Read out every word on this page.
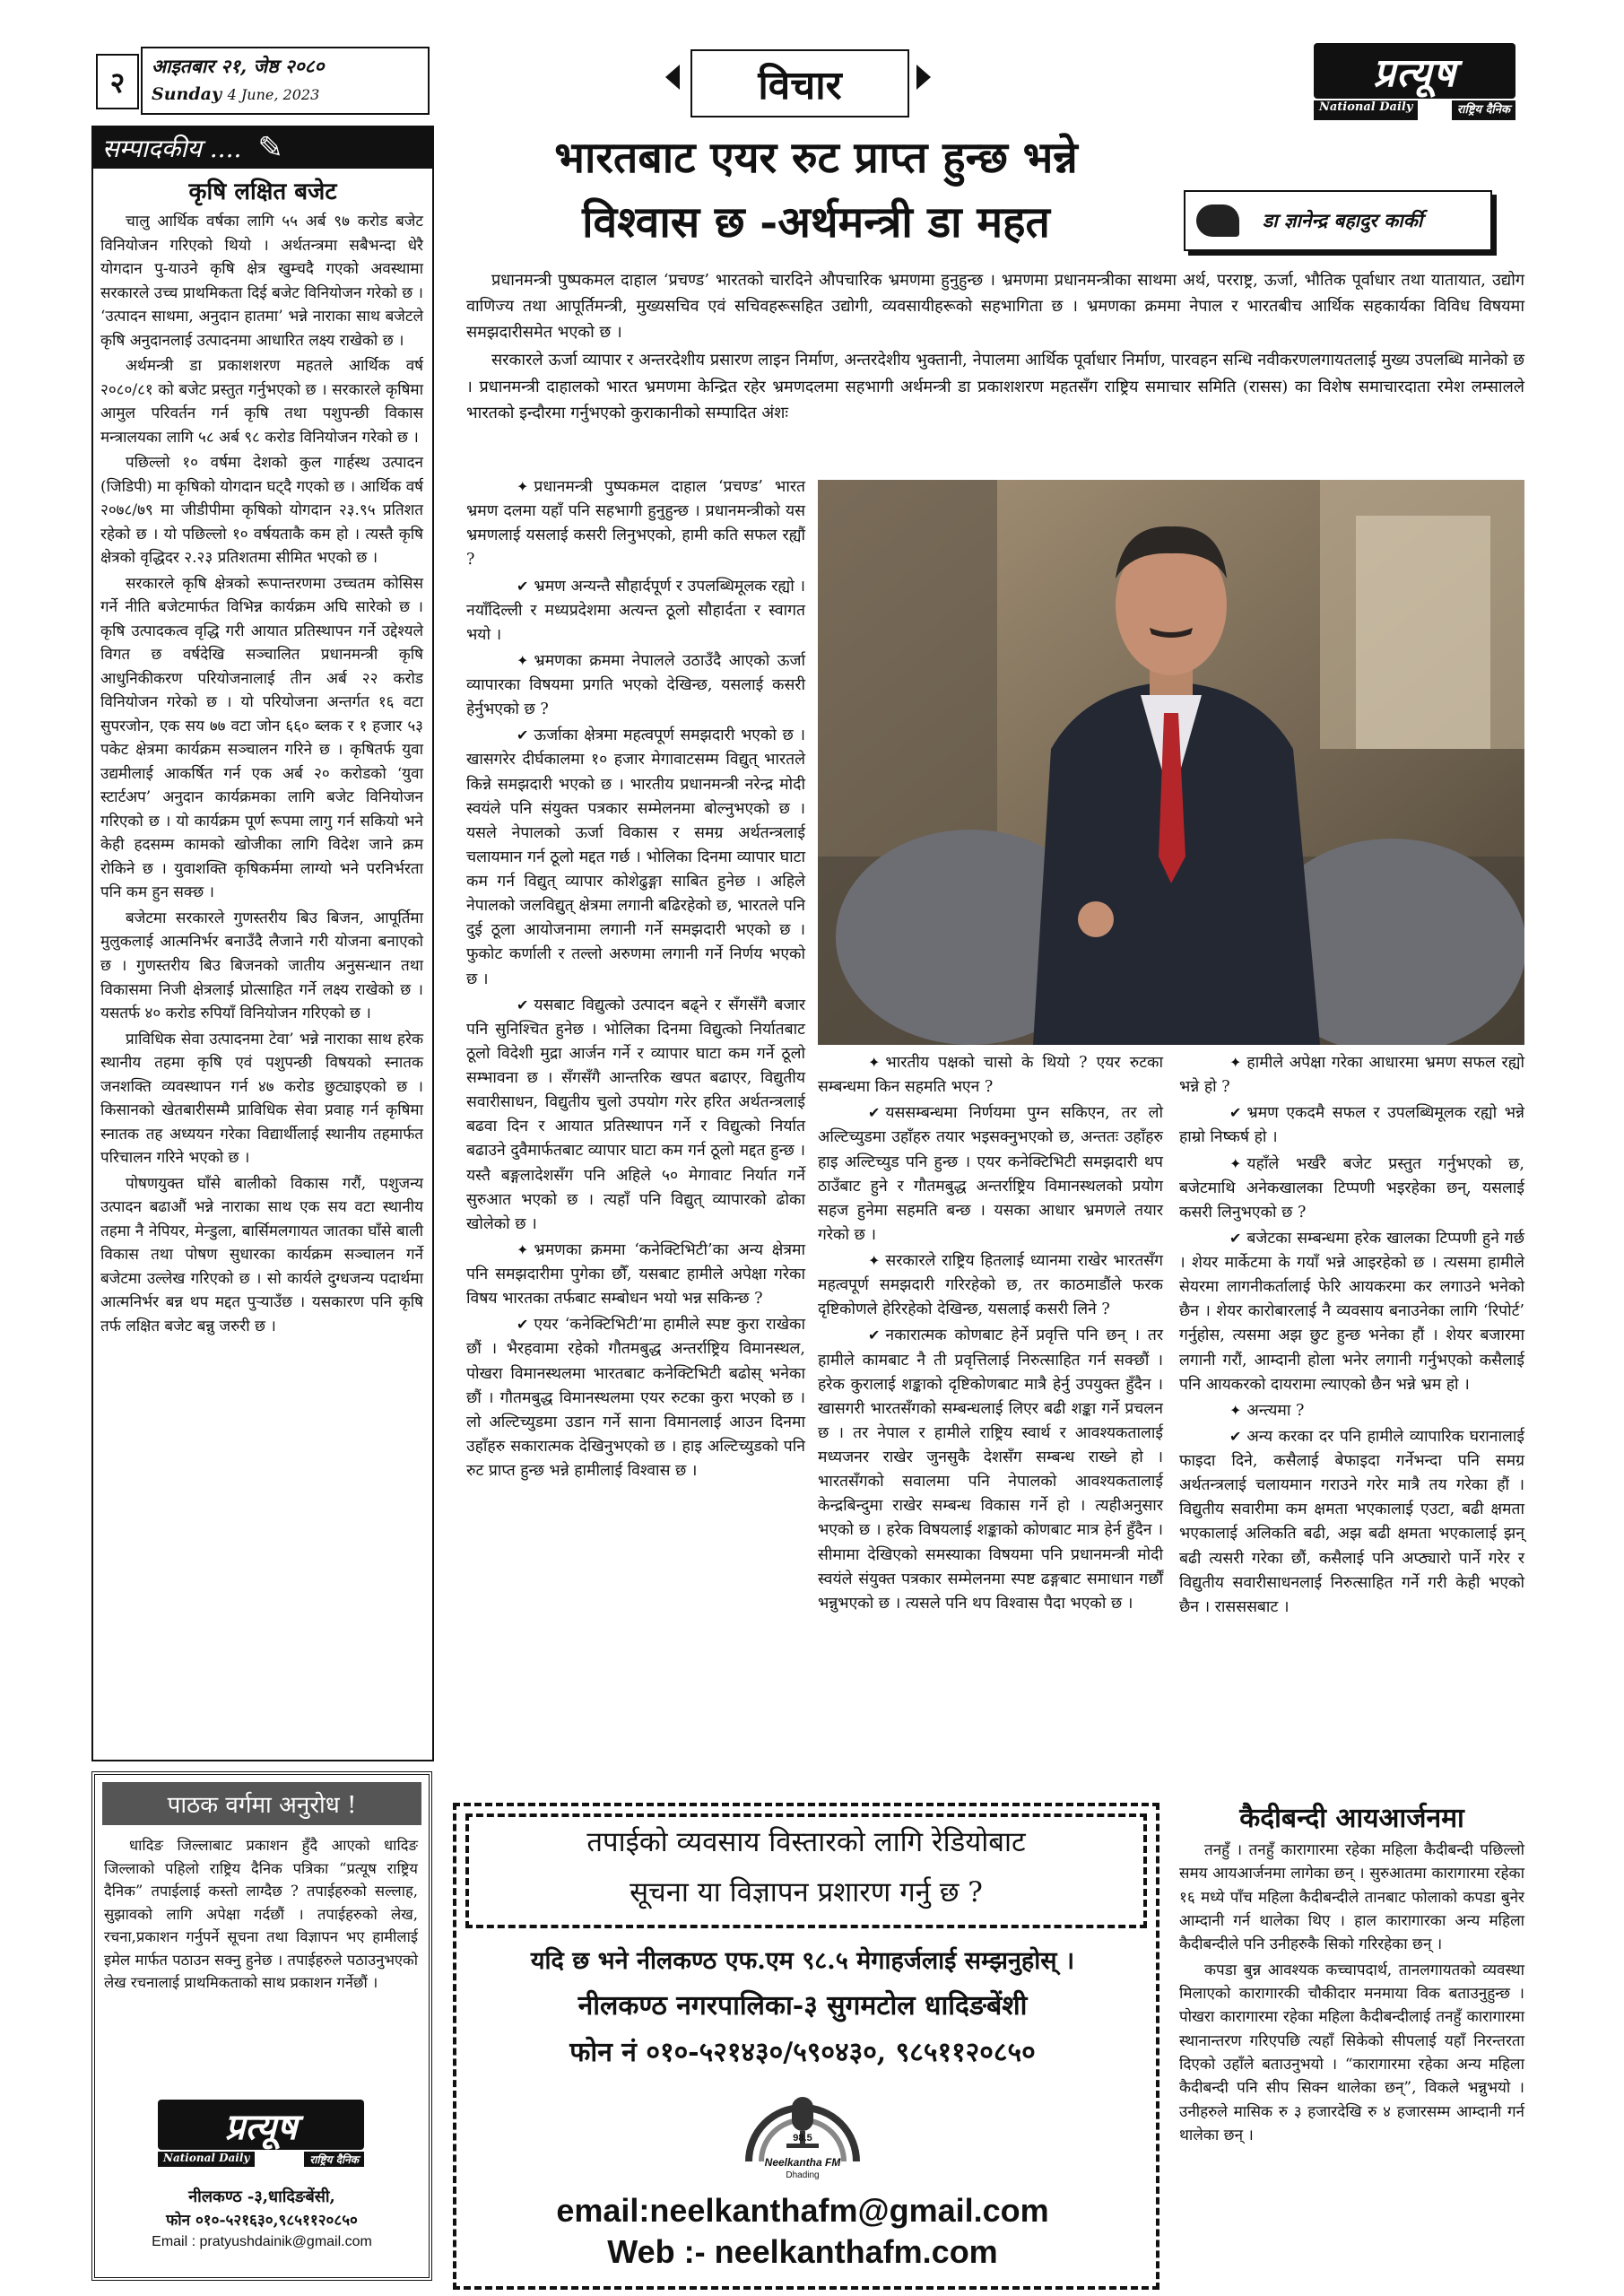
२ आइतबार २१, जेष्ठ २०८०
Sunday 4 June, 2023	विचार	प्रत्यूष
National Daily	राष्ट्रिय दैनिक
सम्पादकीय .... ✎
कृषि लक्षित बजेट

चालु आर्थिक वर्षका लागि ५५ अर्ब ९७ करोड बजेट विनियोजन गरिएको थियो । अर्थतन्त्रमा सबैभन्दा धेरै योगदान पु-याउने कृषि क्षेत्र खुम्चदै गएको अवस्थामा सरकारले उच्च प्राथमिकता दिई बजेट विनियोजन गरेको छ । ‘उत्पादन साथमा, अनुदान हातमा’ भन्ने नाराका साथ बजेटले कृषि अनुदानलाई उत्पादनमा आधारित लक्ष्य राखेको छ ।

अर्थमन्त्री डा प्रकाशशरण महतले आर्थिक वर्ष २०८०/८१ को बजेट प्रस्तुत गर्नुभएको छ । सरकारले कृषिमा आमुल परिवर्तन गर्न कृषि तथा पशुपन्छी विकास मन्त्रालयका लागि ५८ अर्ब ९८ करोड विनियोजन गरेको छ ।

पछिल्लो १० वर्षमा देशको कुल गार्हस्थ उत्पादन (जिडिपी) मा कृषिको योगदान घट्दै गएको छ । आर्थिक वर्ष २०७८/७९ मा जीडीपीमा कृषिको योगदान २३.९५ प्रतिशत रहेको छ । यो पछिल्लो १० वर्षयताकै कम हो । त्यस्तै कृषि क्षेत्रको वृद्धिदर २.२३ प्रतिशतमा सीमित भएको छ ।

सरकारले कृषि क्षेत्रको रूपान्तरणमा उच्चतम कोसिस गर्ने नीति बजेटमार्फत विभिन्न कार्यक्रम अघि सारेको छ । कृषि उत्पादकत्व वृद्धि गरी आयात प्रतिस्थापन गर्ने उद्देश्यले विगत छ वर्षदेखि सञ्चालित प्रधानमन्त्री कृषि आधुनिकीकरण परियोजनालाई तीन अर्ब २२ करोड विनियोजन गरेको छ । यो परियोजना अन्तर्गत १६ वटा सुपरजोन, एक सय ७७ वटा जोन ६६० ब्लक र १ हजार ५३ पकेट क्षेत्रमा कार्यक्रम सञ्चालन गरिने छ । कृषितर्फ युवा उद्यमीलाई आकर्षित गर्न एक अर्ब २० करोडको ‘युवा स्टार्टअप’ अनुदान कार्यक्रमका लागि बजेट विनियोजन गरिएको छ । यो कार्यक्रम पूर्ण रूपमा लागु गर्न सकियो भने केही हदसम्म कामको खोजीका लागि विदेश जाने क्रम रोकिने छ । युवाशक्ति कृषिकर्ममा लाग्यो भने परनिर्भरता पनि कम हुन सक्छ ।

बजेटमा सरकारले गुणस्तरीय बिउ बिजन, आपूर्तिमा मुलुकलाई आत्मनिर्भर बनाउँदै लैजाने गरी योजना बनाएको छ । गुणस्तरीय बिउ बिजनको जातीय अनुसन्धान तथा विकासमा निजी क्षेत्रलाई प्रोत्साहित गर्ने लक्ष्य राखेको छ । यसतर्फ ४० करोड रुपियाँ विनियोजन गरिएको छ ।

प्राविधिक सेवा उत्पादनमा टेवा’ भन्ने नाराका साथ हरेक स्थानीय तहमा कृषि एवं पशुपन्छी विषयको स्नातक जनशक्ति व्यवस्थापन गर्न ४७ करोड छुट्याइएको छ । किसानको खेतबारीसम्मै प्राविधिक सेवा प्रवाह गर्न कृषिमा स्नातक तह अध्ययन गरेका विद्यार्थीलाई स्थानीय तहमार्फत परिचालन गरिने भएको छ ।

पोषणयुक्त घाँसे बालीको विकास गरौं, पशुजन्य उत्पादन बढाऔं भन्ने नाराका साथ एक सय वटा स्थानीय तहमा नै नेपियर, मेन्डुला, बार्सिमलगायत जातका घाँसे बाली विकास तथा पोषण सुधारका कार्यक्रम सञ्चालन गर्ने बजेटमा उल्लेख गरिएको छ । सो कार्यले दुग्धजन्य पदार्थमा आत्मनिर्भर बन्न थप मद्दत पुऱ्याउँछ । यसकारण पनि कृषि तर्फ लक्षित बजेट बन्नु जरुरी छ ।

पाठक वर्गमा अनुरोध !

धादिङ जिल्लाबाट प्रकाशन हुँदै आएको धादिङ जिल्लाको पहिलो राष्ट्रिय दैनिक पत्रिका “प्रत्यूष राष्ट्रिय दैनिक” तपाईलाई कस्तो लाग्दैछ ? तपाईहरुको सल्लाह, सुझावको लागि अपेक्षा गर्दछौं । तपाईहरुको लेख, रचना,प्रकाशन गर्नुपर्ने सूचना तथा विज्ञापन भए हामीलाई इमेल मार्फत पठाउन सक्नु हुनेछ । तपाईहरुले पठाउनुभएको लेख रचनालाई प्राथमिकताको साथ प्रकाशन गर्नेछौं ।

प्रत्यूष
National Daily	राष्ट्रिय दैनिक
नीलकण्ठ -३,धादिङबेंसी,
फोन ०१०-५२१६३०,९८५११२०८५०
Email : pratyushdainik@gmail.com
भारतबाट एयर रुट प्राप्त हुन्छ भन्ने
विश्वास छ -अर्थमन्त्री डा महत	डा ज्ञानेन्द्र बहादुर कार्की

प्रधानमन्त्री पुष्पकमल दाहाल ‘प्रचण्ड’ भारतको चारदिने औपचारिक भ्रमणमा हुनुहुन्छ । भ्रमणमा प्रधानमन्त्रीका साथमा अर्थ, परराष्ट्र, ऊर्जा, भौतिक पूर्वाधार तथा यातायात, उद्योग वाणिज्य तथा आपूर्तिमन्त्री, मुख्यसचिव एवं सचिवहरूसहित उद्योगी, व्यवसायीहरूको सहभागिता छ । भ्रमणका क्रममा नेपाल र भारतबीच आर्थिक सहकार्यका विविध विषयमा समझदारीसमेत भएको छ ।

सरकारले ऊर्जा व्यापार र अन्तरदेशीय प्रसारण लाइन निर्माण, अन्तरदेशीय भुक्तानी, नेपालमा आर्थिक पूर्वाधार निर्माण, पारवहन सन्धि नवीकरणलगायतलाई मुख्य उपलब्धि मानेको छ । प्रधानमन्त्री दाहालको भारत भ्रमणमा केन्द्रित रहेर भ्रमणदलमा सहभागी अर्थमन्त्री डा प्रकाशशरण महतसँग राष्ट्रिय समाचार समिति (रासस) का विशेष समाचारदाता रमेश लम्सालले भारतको इन्दौरमा गर्नुभएको कुराकानीको सम्पादित अंशः

✦ प्रधानमन्त्री पुष्पकमल दाहाल ‘प्रचण्ड’ भारत भ्रमण दलमा यहाँ पनि सहभागी हुनुहुन्छ । प्रधानमन्त्रीको यस भ्रमणलाई यसलाई कसरी लिनुभएको, हामी कति सफल रह्यौं ?

✔ भ्रमण अन्यन्तै सौहार्दपूर्ण र उपलब्धिमूलक रह्यो । नयाँदिल्ली र मध्यप्रदेशमा अत्यन्त ठूलो सौहार्दता र स्वागत भयो ।

✦ भ्रमणका क्रममा नेपालले उठाउँदै आएको ऊर्जा व्यापारका विषयमा प्रगति भएको देखिन्छ, यसलाई कसरी हेर्नुभएको छ ?

✔ ऊर्जाका क्षेत्रमा महत्वपूर्ण समझदारी भएको छ । खासगरेर दीर्घकालमा १० हजार मेगावाटसम्म विद्युत् भारतले किन्ने समझदारी भएको छ । भारतीय प्रधानमन्त्री नरेन्द्र मोदी स्वयंले पनि संयुक्त पत्रकार सम्मेलनमा बोल्नुभएको छ । यसले नेपालको ऊर्जा विकास र समग्र अर्थतन्त्रलाई चलायमान गर्न ठूलो मद्दत गर्छ । भोलिका दिनमा व्यापार घाटा कम गर्न विद्युत् व्यापार कोशेढुङ्गा साबित हुनेछ । अहिले नेपालको जलविद्युत् क्षेत्रमा लगानी बढिरहेको छ, भारतले पनि दुई ठूला आयोजनामा लगानी गर्ने समझदारी भएको छ । फुकोट कर्णाली र तल्लो अरुणमा लगानी गर्ने निर्णय भएको छ ।

✔ यसबाट विद्युत्को उत्पादन बढ्ने र सँगसँगै बजार पनि सुनिश्चित हुनेछ । भोलिका दिनमा विद्युत्को निर्यातबाट ठूलो विदेशी मुद्रा आर्जन गर्ने र व्यापार घाटा कम गर्ने ठूलो सम्भावना छ । सँगसँगै आन्तरिक खपत बढाएर, विद्युतीय सवारीसाधन, विद्युतीय चुलो उपयोग गरेर हरित अर्थतन्त्रलाई बढवा दिन र आयात प्रतिस्थापन गर्ने र विद्युत्को निर्यात बढाउने दुवैमार्फतबाट व्यापार घाटा कम गर्न ठूलो मद्दत हुन्छ । यस्तै बङ्गलादेशसँग पनि अहिले ५० मेगावाट निर्यात गर्ने सुरुआत भएको छ । त्यहाँ पनि विद्युत् व्यापारको ढोका खोलेको छ ।

✦ भ्रमणका क्रममा ‘कनेक्टिभिटी’का अन्य क्षेत्रमा पनि समझदारीमा पुगेका छौँ, यसबाट हामीले अपेक्षा गरेका विषय भारतका तर्फबाट सम्बोधन भयो भन्न सकिन्छ ?

✔ एयर ‘कनेक्टिभिटी’मा हामीले स्पष्ट कुरा राखेका छौं । भैरहवामा रहेको गौतमबुद्ध अन्तर्राष्ट्रिय विमानस्थल, पोखरा विमानस्थलमा भारतबाट कनेक्टिभिटी बढोस् भनेका छौं । गौतमबुद्ध विमानस्थलमा एयर रुटका कुरा भएको छ । लो अल्टिच्युडमा उडान गर्ने साना विमानलाई आउन दिनमा उहाँहरु सकारात्मक देखिनुभएको छ । हाइ अल्टिच्युडको पनि रुट प्राप्त हुन्छ भन्ने हामीलाई विश्वास छ ।

✦ भारतीय पक्षको चासो के थियो ? एयर रुटका सम्बन्धमा किन सहमति भएन ?

✔ यससम्बन्धमा निर्णयमा पुग्न सकिएन, तर लो अल्टिच्युडमा उहाँहरु तयार भइसक्नुभएको छ, अन्ततः उहाँहरु हाइ अल्टिच्युड पनि हुन्छ । एयर कनेक्टिभिटी समझदारी थप ठाउँबाट हुने र गौतमबुद्ध अन्तर्राष्ट्रिय विमानस्थलको प्रयोग सहज हुनेमा सहमति बन्छ । यसका आधार भ्रमणले तयार गरेको छ ।

✦ सरकारले राष्ट्रिय हितलाई ध्यानमा राखेर भारतसँग महत्वपूर्ण समझदारी गरिरहेको छ, तर काठमाडौंले फरक दृष्टिकोणले हेरिरहेको देखिन्छ, यसलाई कसरी लिने ?

✔ नकारात्मक कोणबाट हेर्ने प्रवृत्ति पनि छन् । तर हामीले कामबाट नै ती प्रवृत्तिलाई निरुत्साहित गर्न सक्छौं । हरेक कुरालाई शङ्काको दृष्टिकोणबाट मात्रै हेर्नु उपयुक्त हुँदैन । खासगरी भारतसँगको सम्बन्धलाई लिएर बढी शङ्का गर्ने प्रचलन छ । तर नेपाल र हामीले राष्ट्रिय स्वार्थ र आवश्यकतालाई मध्यजनर राखेर जुनसुकै देशसँग सम्बन्ध राख्ने हो । भारतसँगको सवालमा पनि नेपालको आवश्यकतालाई केन्द्रबिन्दुमा राखेर सम्बन्ध विकास गर्ने हो । त्यहीअनुसार भएको छ । हरेक विषयलाई शङ्काको कोणबाट मात्र हेर्न हुँदैन । सीमामा देखिएको समस्याका विषयमा पनि प्रधानमन्त्री मोदी स्वयंले संयुक्त पत्रकार सम्मेलनमा स्पष्ट ढङ्गबाट समाधान गर्छौं भन्नुभएको छ । त्यसले पनि थप विश्वास पैदा भएको छ ।

✦ हामीले अपेक्षा गरेका आधारमा भ्रमण सफल रह्यो भन्ने हो ?

✔ भ्रमण एकदमै सफल र उपलब्धिमूलक रह्यो भन्ने हाम्रो निष्कर्ष हो ।

✦ यहाँले भर्खरै बजेट प्रस्तुत गर्नुभएको छ, बजेटमाथि अनेकखालका टिप्पणी भइरहेका छन्, यसलाई कसरी लिनुभएको छ ?

✔ बजेटका सम्बन्धमा हरेक खालका टिप्पणी हुने गर्छ । शेयर मार्केटमा के गयाँ भन्ने आइरहेको छ । त्यसमा हामीले सेयरमा लागनीकर्तालाई फेरि आयकरमा कर लगाउने भनेको छैन । शेयर कारोबारलाई नै व्यवसाय बनाउनेका लागि ‘रिपोर्ट’ गर्नुहोस, त्यसमा अझ छुट हुन्छ भनेका हौं । शेयर बजारमा लगानी गरौं, आम्दानी होला भनेर लगानी गर्नुभएको कसैलाई पनि आयकरको दायरामा ल्याएको छैन भन्ने भ्रम हो ।

✦ अन्त्यमा ?

✔ अन्य करका दर पनि हामीले व्यापारिक घरानालाई फाइदा दिने, कसैलाई बेफाइदा गर्नेभन्दा पनि समग्र अर्थतन्त्रलाई चलायमान गराउने गरेर मात्रै तय गरेका हौं । विद्युतीय सवारीमा कम क्षमता भएकालाई एउटा, बढी क्षमता भएकालाई अलिकति बढी, अझ बढी क्षमता भएकालाई झन् बढी त्यसरी गरेका छौं, कसैलाई पनि अप्ठ्यारो पार्ने गरेर र विद्युतीय सवारीसाधनलाई निरुत्साहित गर्ने गरी केही भएको छैन । रासससबाट ।

कैदीबन्दी आयआर्जनमा

तनहुँ । तनहुँ कारागारमा रहेका महिला कैदीबन्दी पछिल्लो समय आयआर्जनमा लागेका छन् । सुरुआतमा कारागारमा रहेका १६ मध्ये पाँच महिला कैदीबन्दीले तानबाट फोलाको कपडा बुनेर आम्दानी गर्न थालेका थिए । हाल कारागारका अन्य महिला कैदीबन्दीले पनि उनीहरुकै सिको गरिरहेका छन् ।

कपडा बुन्न आवश्यक कच्चापदार्थ, तानलगायतको व्यवस्था मिलाएको कारागारकी चौकीदार मनमाया विक बताउनुहुन्छ । पोखरा कारागारमा रहेका महिला कैदीबन्दीलाई तनहुँ कारागारमा स्थानान्तरण गरिएपछि त्यहाँ सिकेको सीपलाई यहाँ निरन्तरता दिएको उहाँले बताउनुभयो । “कारागारमा रहेका अन्य महिला कैदीबन्दी पनि सीप सिक्न थालेका छन्”, विकले भन्नुभयो । उनीहरुले मासिक रु ३ हजारदेखि रु ४ हजारसम्म आम्दानी गर्न थालेका छन् ।

तपाईको व्यवसाय विस्तारको लागि रेडियोबाट
सूचना या विज्ञापन प्रशारण गर्नु छ ?
यदि छ भने नीलकण्ठ एफ.एम ९८.५ मेगाहर्जलाई सम्झनुहोस् ।
नीलकण्ठ नगरपालिका-३ सुगमटोल धादिङबेंशी
फोन नं ०१०-५२१४३०/५९०४३०, ९८५११२०८५०
98.5
Neelkantha FM
Dhading
email:neelkanthafm@gmail.com
Web :- neelkanthafm.com
